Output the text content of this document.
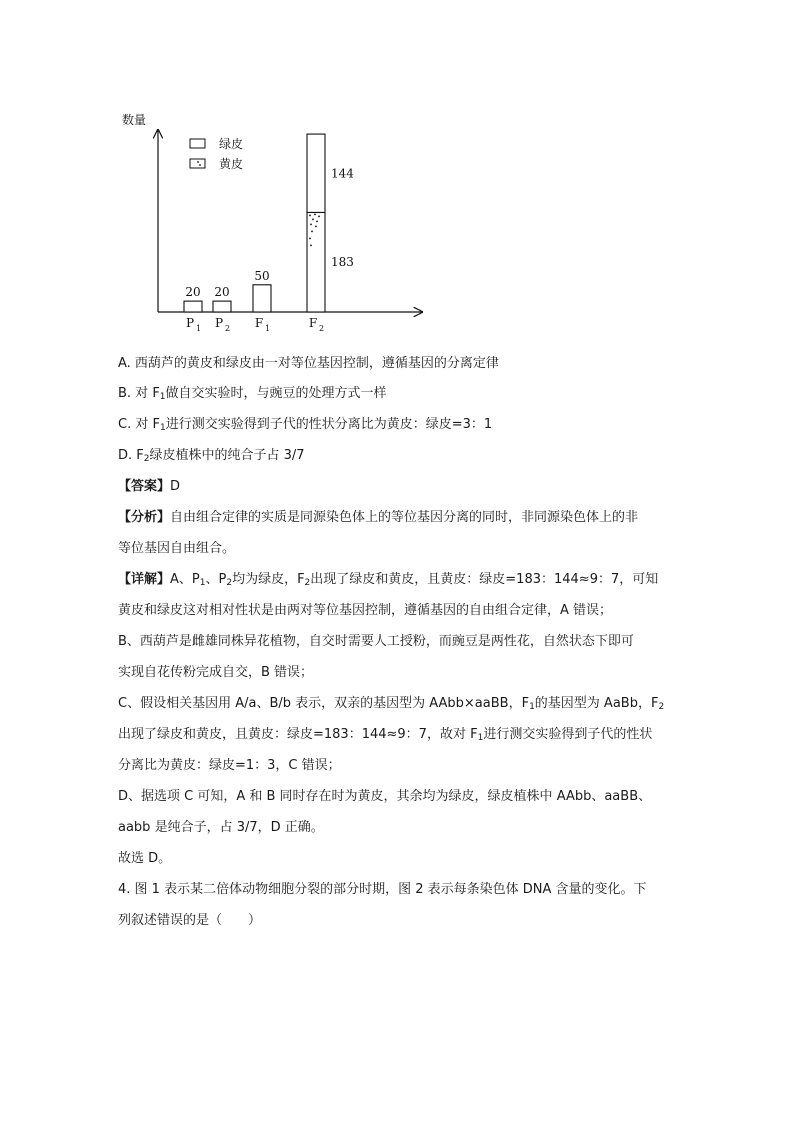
数量
绿皮
黄皮
20
P 1
20
P 2
50
F 1
183
144
F 2
A. 西葫芦的黄皮和绿皮由一对等位基因控制，遵循基因的分离定律
B. 对 $F_1$做自交实验时，与豌豆的处理方式一样
C. 对 $F_1$进行测交实验得到子代的性状分离比为黄皮：绿皮=3：1
D. $F_2$绿皮植株中的纯合子占 3/7
【答案】D
【分析】自由组合定律的实质是同源染色体上的等位基因分离的同时，非同源染色体上的非
等位基因自由组合。
【详解】A、$P_1$、$P_2$均为绿皮，$F_2$出现了绿皮和黄皮，且黄皮：绿皮=183：144≈9：7，可知
黄皮和绿皮这对相对性状是由两对等位基因控制，遵循基因的自由组合定律，A 错误；
B、西葫芦是雌雄同株异花植物，自交时需要人工授粉，而豌豆是两性花，自然状态下即可
实现自花传粉完成自交，B 错误；
C、假设相关基因用 A/a、B/b 表示，双亲的基因型为 AAbb×aaBB，$F_1$的基因型为 AaBb，$F_2$
出现了绿皮和黄皮，且黄皮：绿皮=183：144≈9：7，故对 $F_1$进行测交实验得到子代的性状
分离比为黄皮：绿皮=1：3，C 错误；
D、据选项 C 可知，A 和 B 同时存在时为黄皮，其余均为绿皮，绿皮植株中 AAbb、aaBB、
aabb 是纯合子，占 3/7，D 正确。
故选 D。
4. 图 1 表示某二倍体动物细胞分裂的部分时期，图 2 表示每条染色体 DNA 含量的变化。下
列叙述错误的是（　　）
